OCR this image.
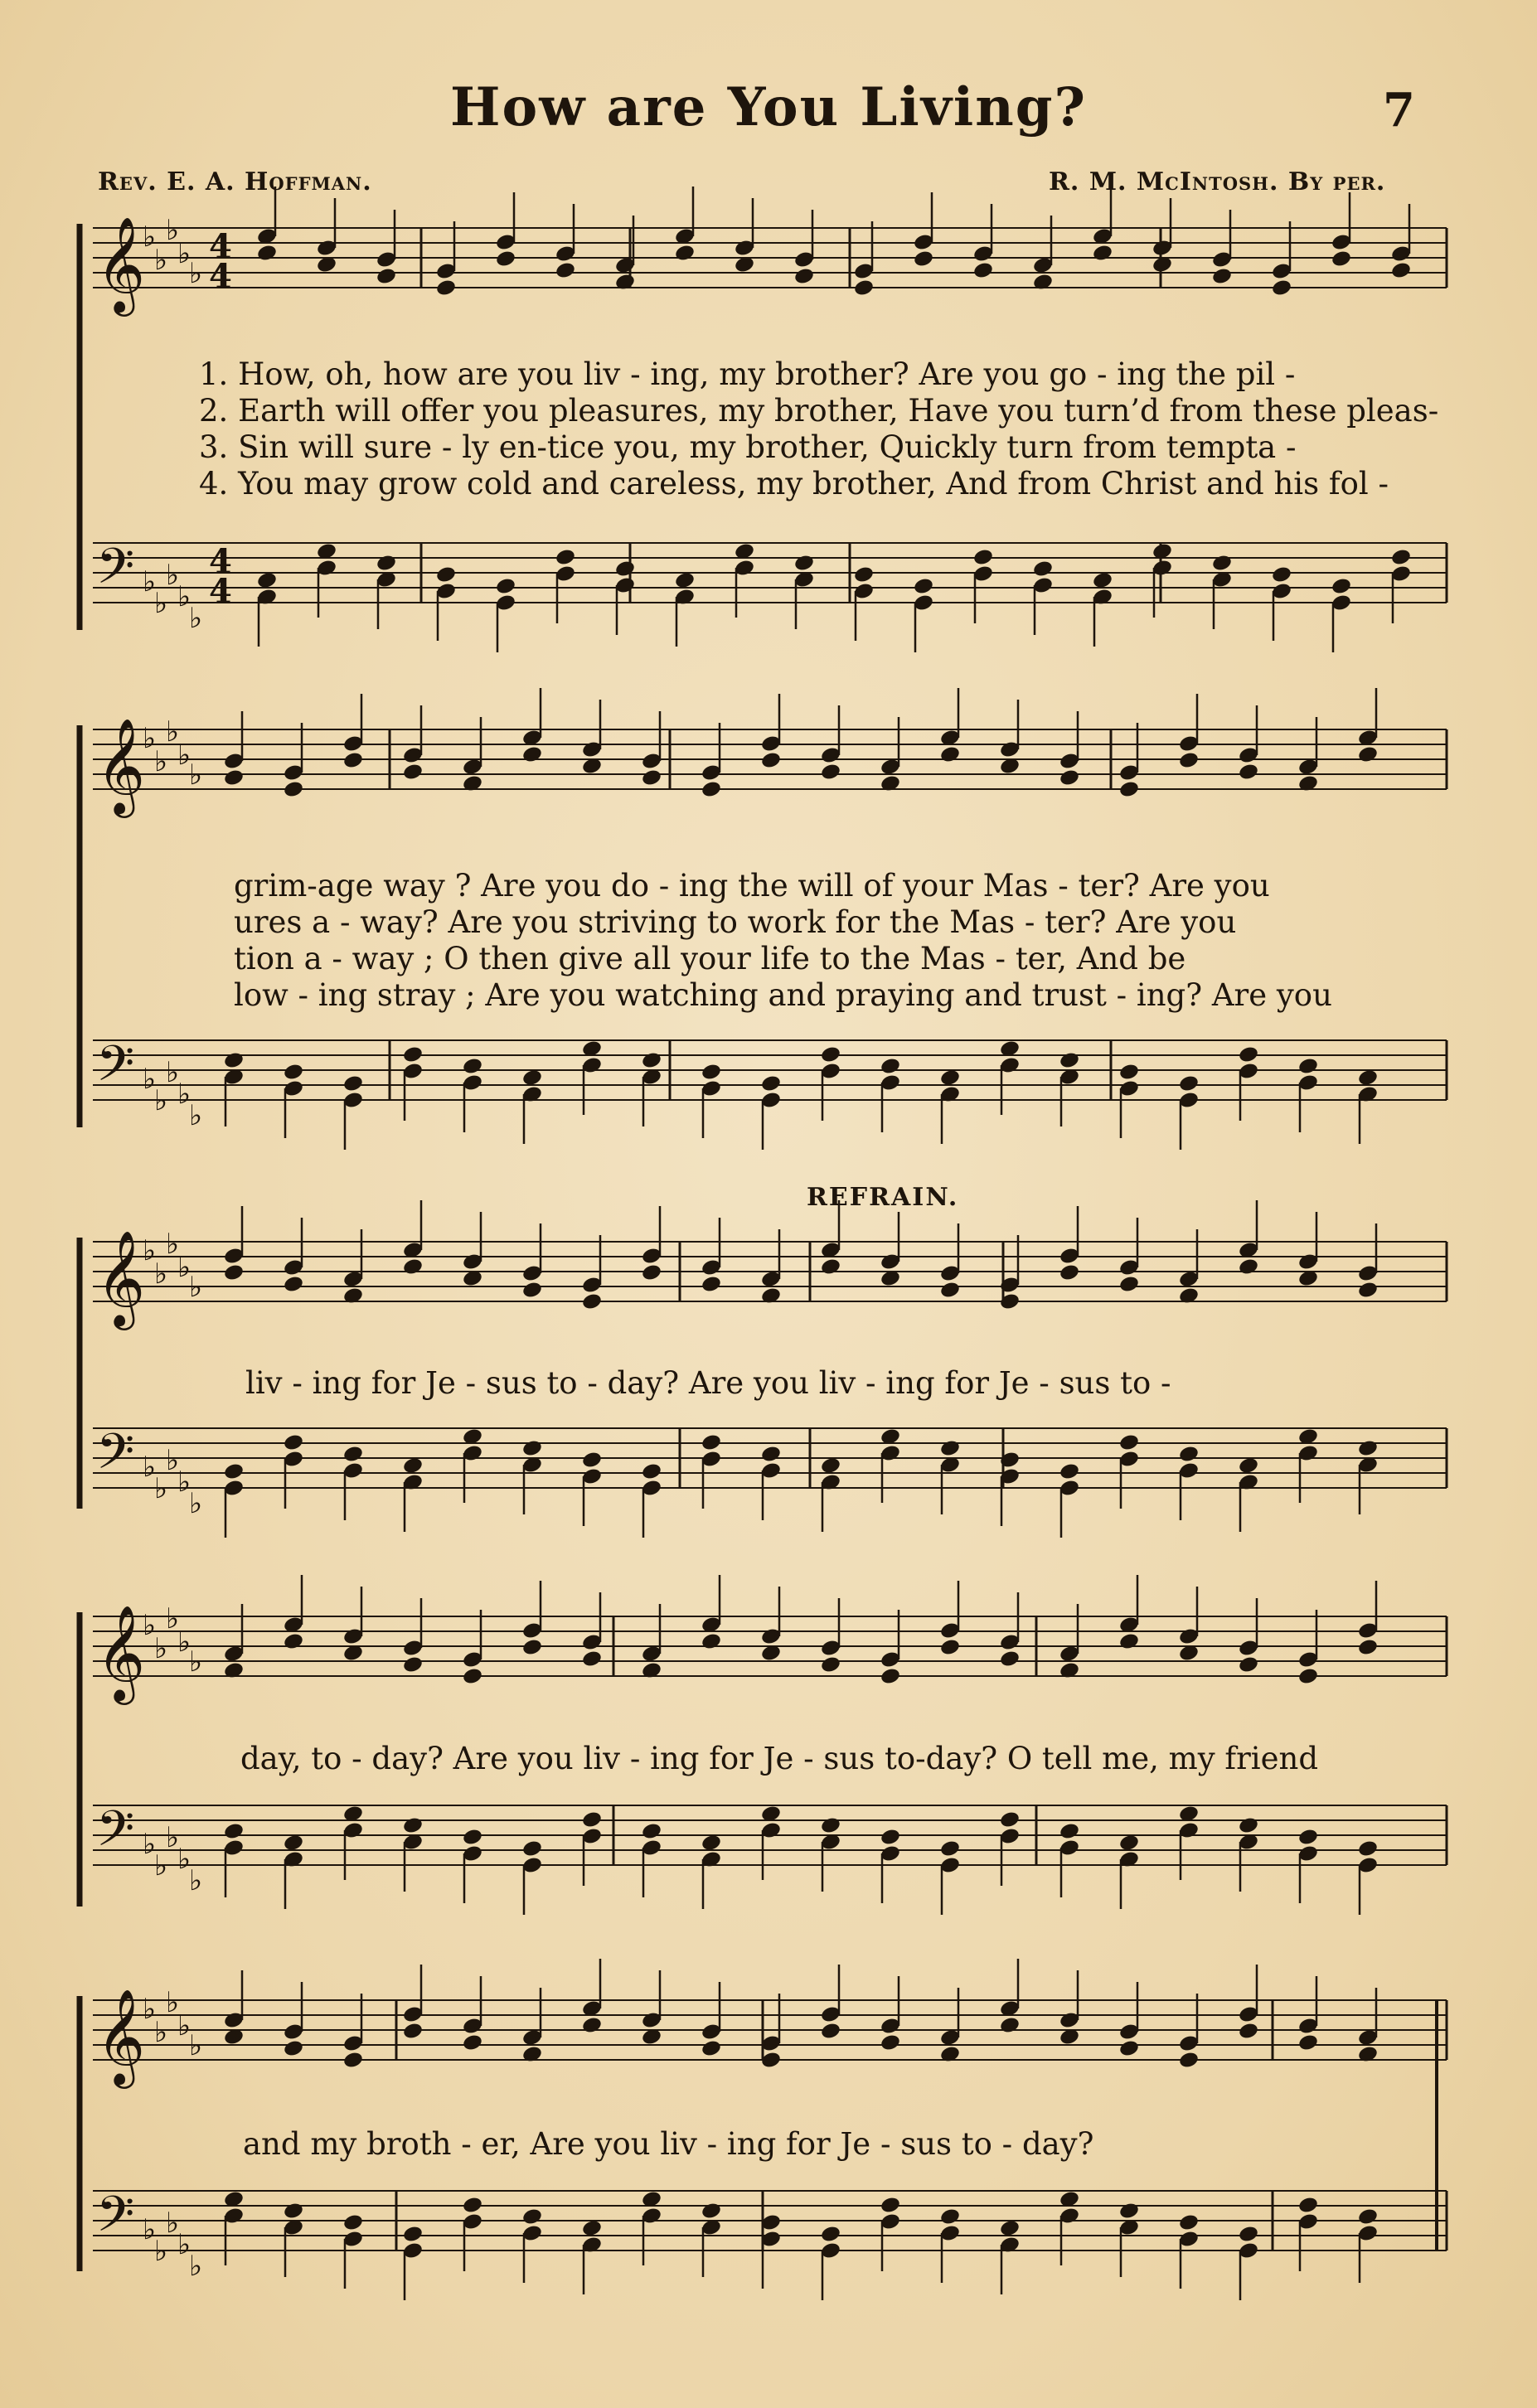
How are You Living?	7
Rev. E. A. Hoffman.	R. M. McIntosh. By per.
REFRAIN.
𝄞
♭
♭
♭
♭
♭
4
4
𝄢 ♭
♭
♭
♭
♭
4
4
𝄞
♭
♭
♭
♭
♭
𝄢 ♭
♭
♭
♭
♭
𝄞
♭
♭
♭
♭
♭
𝄢 ♭
♭
♭
♭
♭
𝄞
♭
♭
♭
♭
♭
𝄢 ♭
♭
♭
♭
♭
𝄞
♭
♭
♭
♭
♭
𝄢 ♭
♭
♭
♭
♭
1. How, oh, how are you liv - ing, my brother? Are you go - ing the pil -
2. Earth will offer you pleasures, my brother, Have you turn’d from these pleas-
3. Sin will sure - ly en-tice you, my brother, Quickly turn from tempta -
4. You may grow cold and careless, my brother, And from Christ and his fol -
grim-age way ? Are you do - ing the will of your Mas - ter? Are you
ures a - way? Are you striving to work for the Mas - ter? Are you
tion a - way ; O then give all your life to the Mas - ter, And be
low - ing stray ; Are you watching and praying and trust - ing? Are you
liv - ing for Je - sus to - day? Are you liv - ing for Je - sus to -
day, to - day? Are you liv - ing for Je - sus to-day? O tell me, my friend
and my broth - er, Are you liv - ing for Je - sus to - day?
